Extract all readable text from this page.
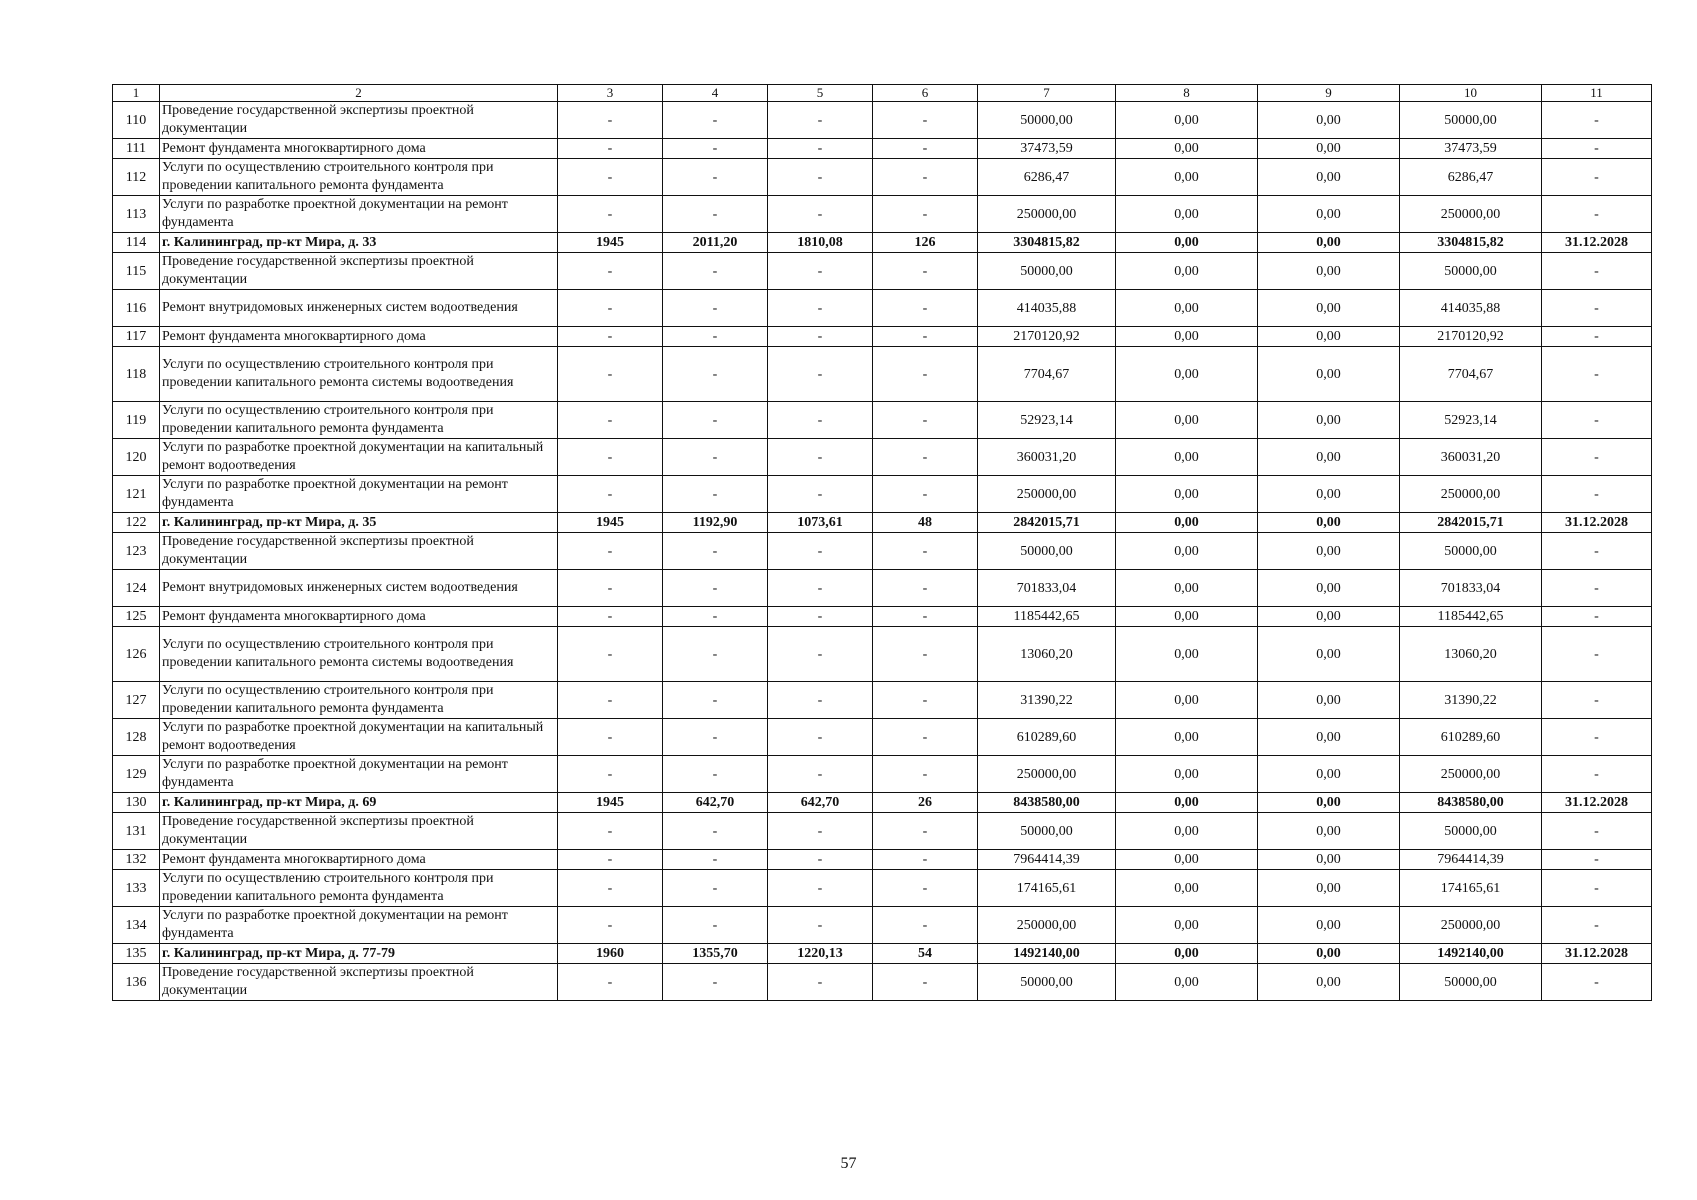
1	2	3	4	5	6	7	8	9	10	11
110	Проведение государственной экспертизы проектной документации	-	-	-	-	50000,00	0,00	0,00	50000,00	-
111	Ремонт фундамента многоквартирного дома	-	-	-	-	37473,59	0,00	0,00	37473,59	-
112	Услуги по осуществлению строительного контроля при проведении капитального ремонта фундамента	-	-	-	-	6286,47	0,00	0,00	6286,47	-
113	Услуги по разработке проектной документации на ремонт фундамента	-	-	-	-	250000,00	0,00	0,00	250000,00	-
114	г. Калининград, пр-кт Мира, д. 33	1945	2011,20	1810,08	126	3304815,82	0,00	0,00	3304815,82	31.12.2028
115	Проведение государственной экспертизы проектной документации	-	-	-	-	50000,00	0,00	0,00	50000,00	-
116	Ремонт внутридомовых инженерных систем водоотведения	-	-	-	-	414035,88	0,00	0,00	414035,88	-
117	Ремонт фундамента многоквартирного дома	-	-	-	-	2170120,92	0,00	0,00	2170120,92	-
118	Услуги по осуществлению строительного контроля при проведении капитального ремонта системы водоотведения	-	-	-	-	7704,67	0,00	0,00	7704,67	-
119	Услуги по осуществлению строительного контроля при проведении капитального ремонта фундамента	-	-	-	-	52923,14	0,00	0,00	52923,14	-
120	Услуги по разработке проектной документации на капитальный ремонт водоотведения	-	-	-	-	360031,20	0,00	0,00	360031,20	-
121	Услуги по разработке проектной документации на ремонт фундамента	-	-	-	-	250000,00	0,00	0,00	250000,00	-
122	г. Калининград, пр-кт Мира, д. 35	1945	1192,90	1073,61	48	2842015,71	0,00	0,00	2842015,71	31.12.2028
123	Проведение государственной экспертизы проектной документации	-	-	-	-	50000,00	0,00	0,00	50000,00	-
124	Ремонт внутридомовых инженерных систем водоотведения	-	-	-	-	701833,04	0,00	0,00	701833,04	-
125	Ремонт фундамента многоквартирного дома	-	-	-	-	1185442,65	0,00	0,00	1185442,65	-
126	Услуги по осуществлению строительного контроля при проведении капитального ремонта системы водоотведения	-	-	-	-	13060,20	0,00	0,00	13060,20	-
127	Услуги по осуществлению строительного контроля при проведении капитального ремонта фундамента	-	-	-	-	31390,22	0,00	0,00	31390,22	-
128	Услуги по разработке проектной документации на капитальный ремонт водоотведения	-	-	-	-	610289,60	0,00	0,00	610289,60	-
129	Услуги по разработке проектной документации на ремонт фундамента	-	-	-	-	250000,00	0,00	0,00	250000,00	-
130	г. Калининград, пр-кт Мира, д. 69	1945	642,70	642,70	26	8438580,00	0,00	0,00	8438580,00	31.12.2028
131	Проведение государственной экспертизы проектной документации	-	-	-	-	50000,00	0,00	0,00	50000,00	-
132	Ремонт фундамента многоквартирного дома	-	-	-	-	7964414,39	0,00	0,00	7964414,39	-
133	Услуги по осуществлению строительного контроля при проведении капитального ремонта фундамента	-	-	-	-	174165,61	0,00	0,00	174165,61	-
134	Услуги по разработке проектной документации на ремонт фундамента	-	-	-	-	250000,00	0,00	0,00	250000,00	-
135	г. Калининград, пр-кт Мира, д. 77-79	1960	1355,70	1220,13	54	1492140,00	0,00	0,00	1492140,00	31.12.2028
136	Проведение государственной экспертизы проектной документации	-	-	-	-	50000,00	0,00	0,00	50000,00	-
57
